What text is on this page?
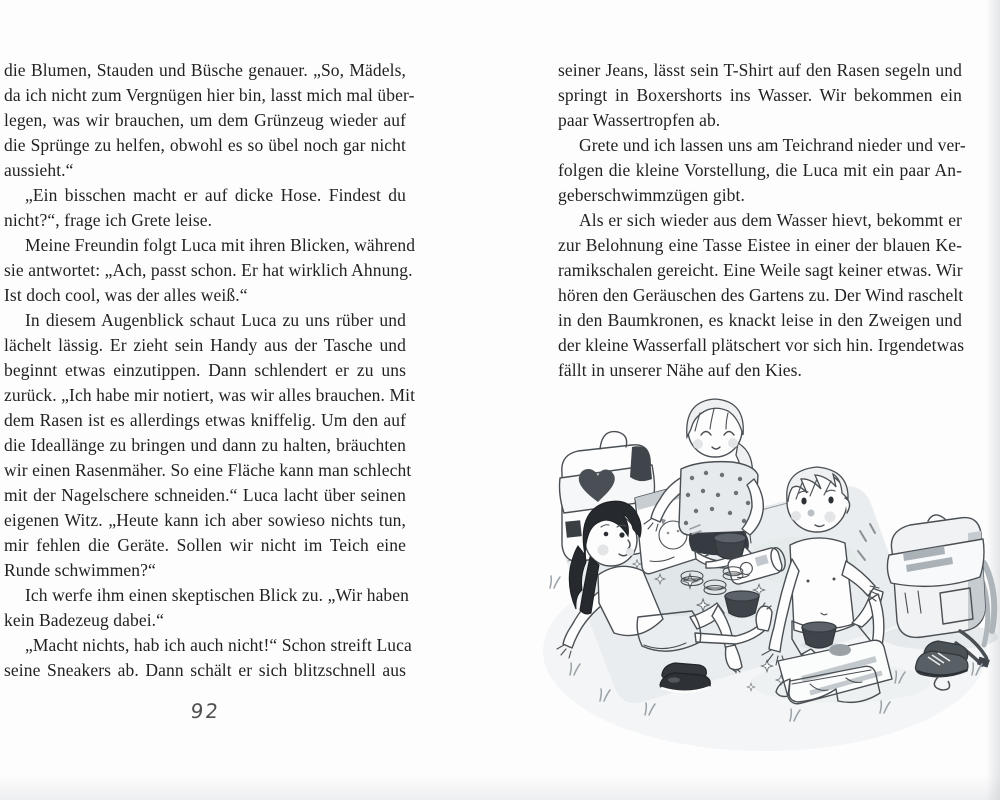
die Blumen, Stauden und Büsche genauer. „So, Mädels,
da ich nicht zum Vergnügen hier bin, lasst mich mal über-
legen, was wir brauchen, um dem Grünzeug wieder auf
die Sprünge zu helfen, obwohl es so übel noch gar nicht
aussieht.“
„Ein bisschen macht er auf dicke Hose. Findest du
nicht?“, frage ich Grete leise.
Meine Freundin folgt Luca mit ihren Blicken, während
sie antwortet: „Ach, passt schon. Er hat wirklich Ahnung.
Ist doch cool, was der alles weiß.“
In diesem Augenblick schaut Luca zu uns rüber und
lächelt lässig. Er zieht sein Handy aus der Tasche und
beginnt etwas einzutippen. Dann schlendert er zu uns
zurück. „Ich habe mir notiert, was wir alles brauchen. Mit
dem Rasen ist es allerdings etwas kniffelig. Um den auf
die Ideallänge zu bringen und dann zu halten, bräuchten
wir einen Rasenmäher. So eine Fläche kann man schlecht
mit der Nagelschere schneiden.“ Luca lacht über seinen
eigenen Witz. „Heute kann ich aber sowieso nichts tun,
mir fehlen die Geräte. Sollen wir nicht im Teich eine
Runde schwimmen?“
Ich werfe ihm einen skeptischen Blick zu. „Wir haben
kein Badezeug dabei.“
„Macht nichts, hab ich auch nicht!“ Schon streift Luca
seine Sneakers ab. Dann schält er sich blitzschnell aus
92
seiner Jeans, lässt sein T-Shirt auf den Rasen segeln und
springt in Boxershorts ins Wasser. Wir bekommen ein
paar Wassertropfen ab.
Grete und ich lassen uns am Teichrand nieder und ver-
folgen die kleine Vorstellung, die Luca mit ein paar An-
geberschwimmzügen gibt.
Als er sich wieder aus dem Wasser hievt, bekommt er
zur Belohnung eine Tasse Eistee in einer der blauen Ke-
ramikschalen gereicht. Eine Weile sagt keiner etwas. Wir
hören den Geräuschen des Gartens zu. Der Wind raschelt
in den Baumkronen, es knackt leise in den Zweigen und
der kleine Wasserfall plätschert vor sich hin. Irgendetwas
fällt in unserer Nähe auf den Kies.
